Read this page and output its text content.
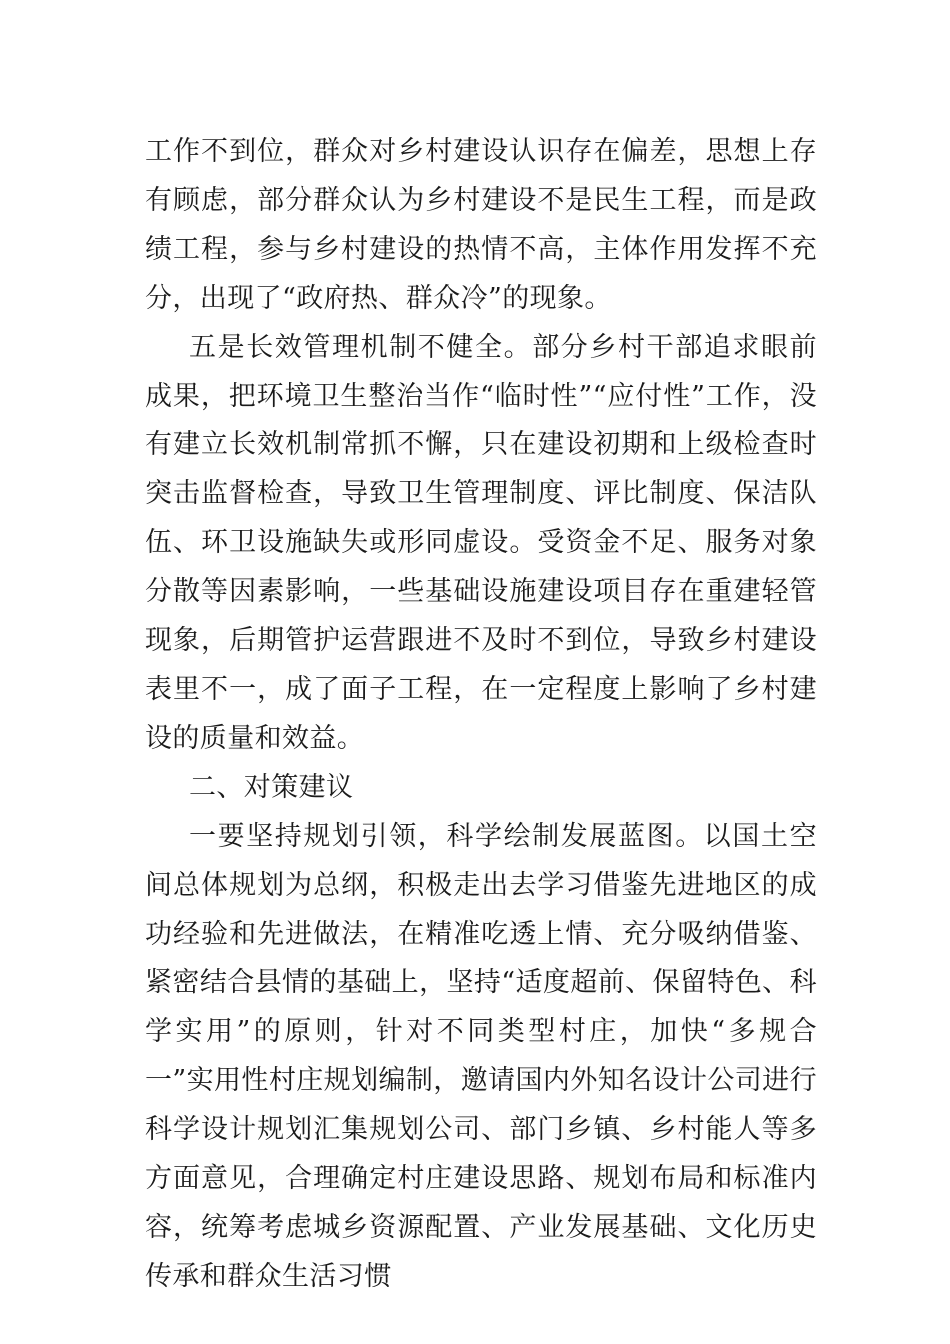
工作不到位，群众对乡村建设认识存在偏差，思想上存有顾虑，部分群众认为乡村建设不是民生工程，而是政绩工程，参与乡村建设的热情不高，主体作用发挥不充分，出现了“政府热、群众冷”的现象。

五是长效管理机制不健全。部分乡村干部追求眼前成果，把环境卫生整治当作“临时性”“应付性”工作，没有建立长效机制常抓不懈，只在建设初期和上级检查时突击监督检查，导致卫生管理制度、评比制度、保洁队伍、环卫设施缺失或形同虚设。受资金不足、服务对象分散等因素影响，一些基础设施建设项目存在重建轻管现象，后期管护运营跟进不及时不到位，导致乡村建设表里不一，成了面子工程，在一定程度上影响了乡村建设的质量和效益。

二、对策建议

一要坚持规划引领，科学绘制发展蓝图。以国土空间总体规划为总纲，积极走出去学习借鉴先进地区的成功经验和先进做法，在精准吃透上情、充分吸纳借鉴、紧密结合县情的基础上，坚持“适度超前、保留特色、科学实用”的原则，针对不同类型村庄，加快“多规合一”实用性村庄规划编制，邀请国内外知名设计公司进行科学设计规划汇集规划公司、部门乡镇、乡村能人等多方面意见，合理确定村庄建设思路、规划布局和标准内容，统筹考虑城乡资源配置、产业发展基础、文化历史传承和群众生活习惯
